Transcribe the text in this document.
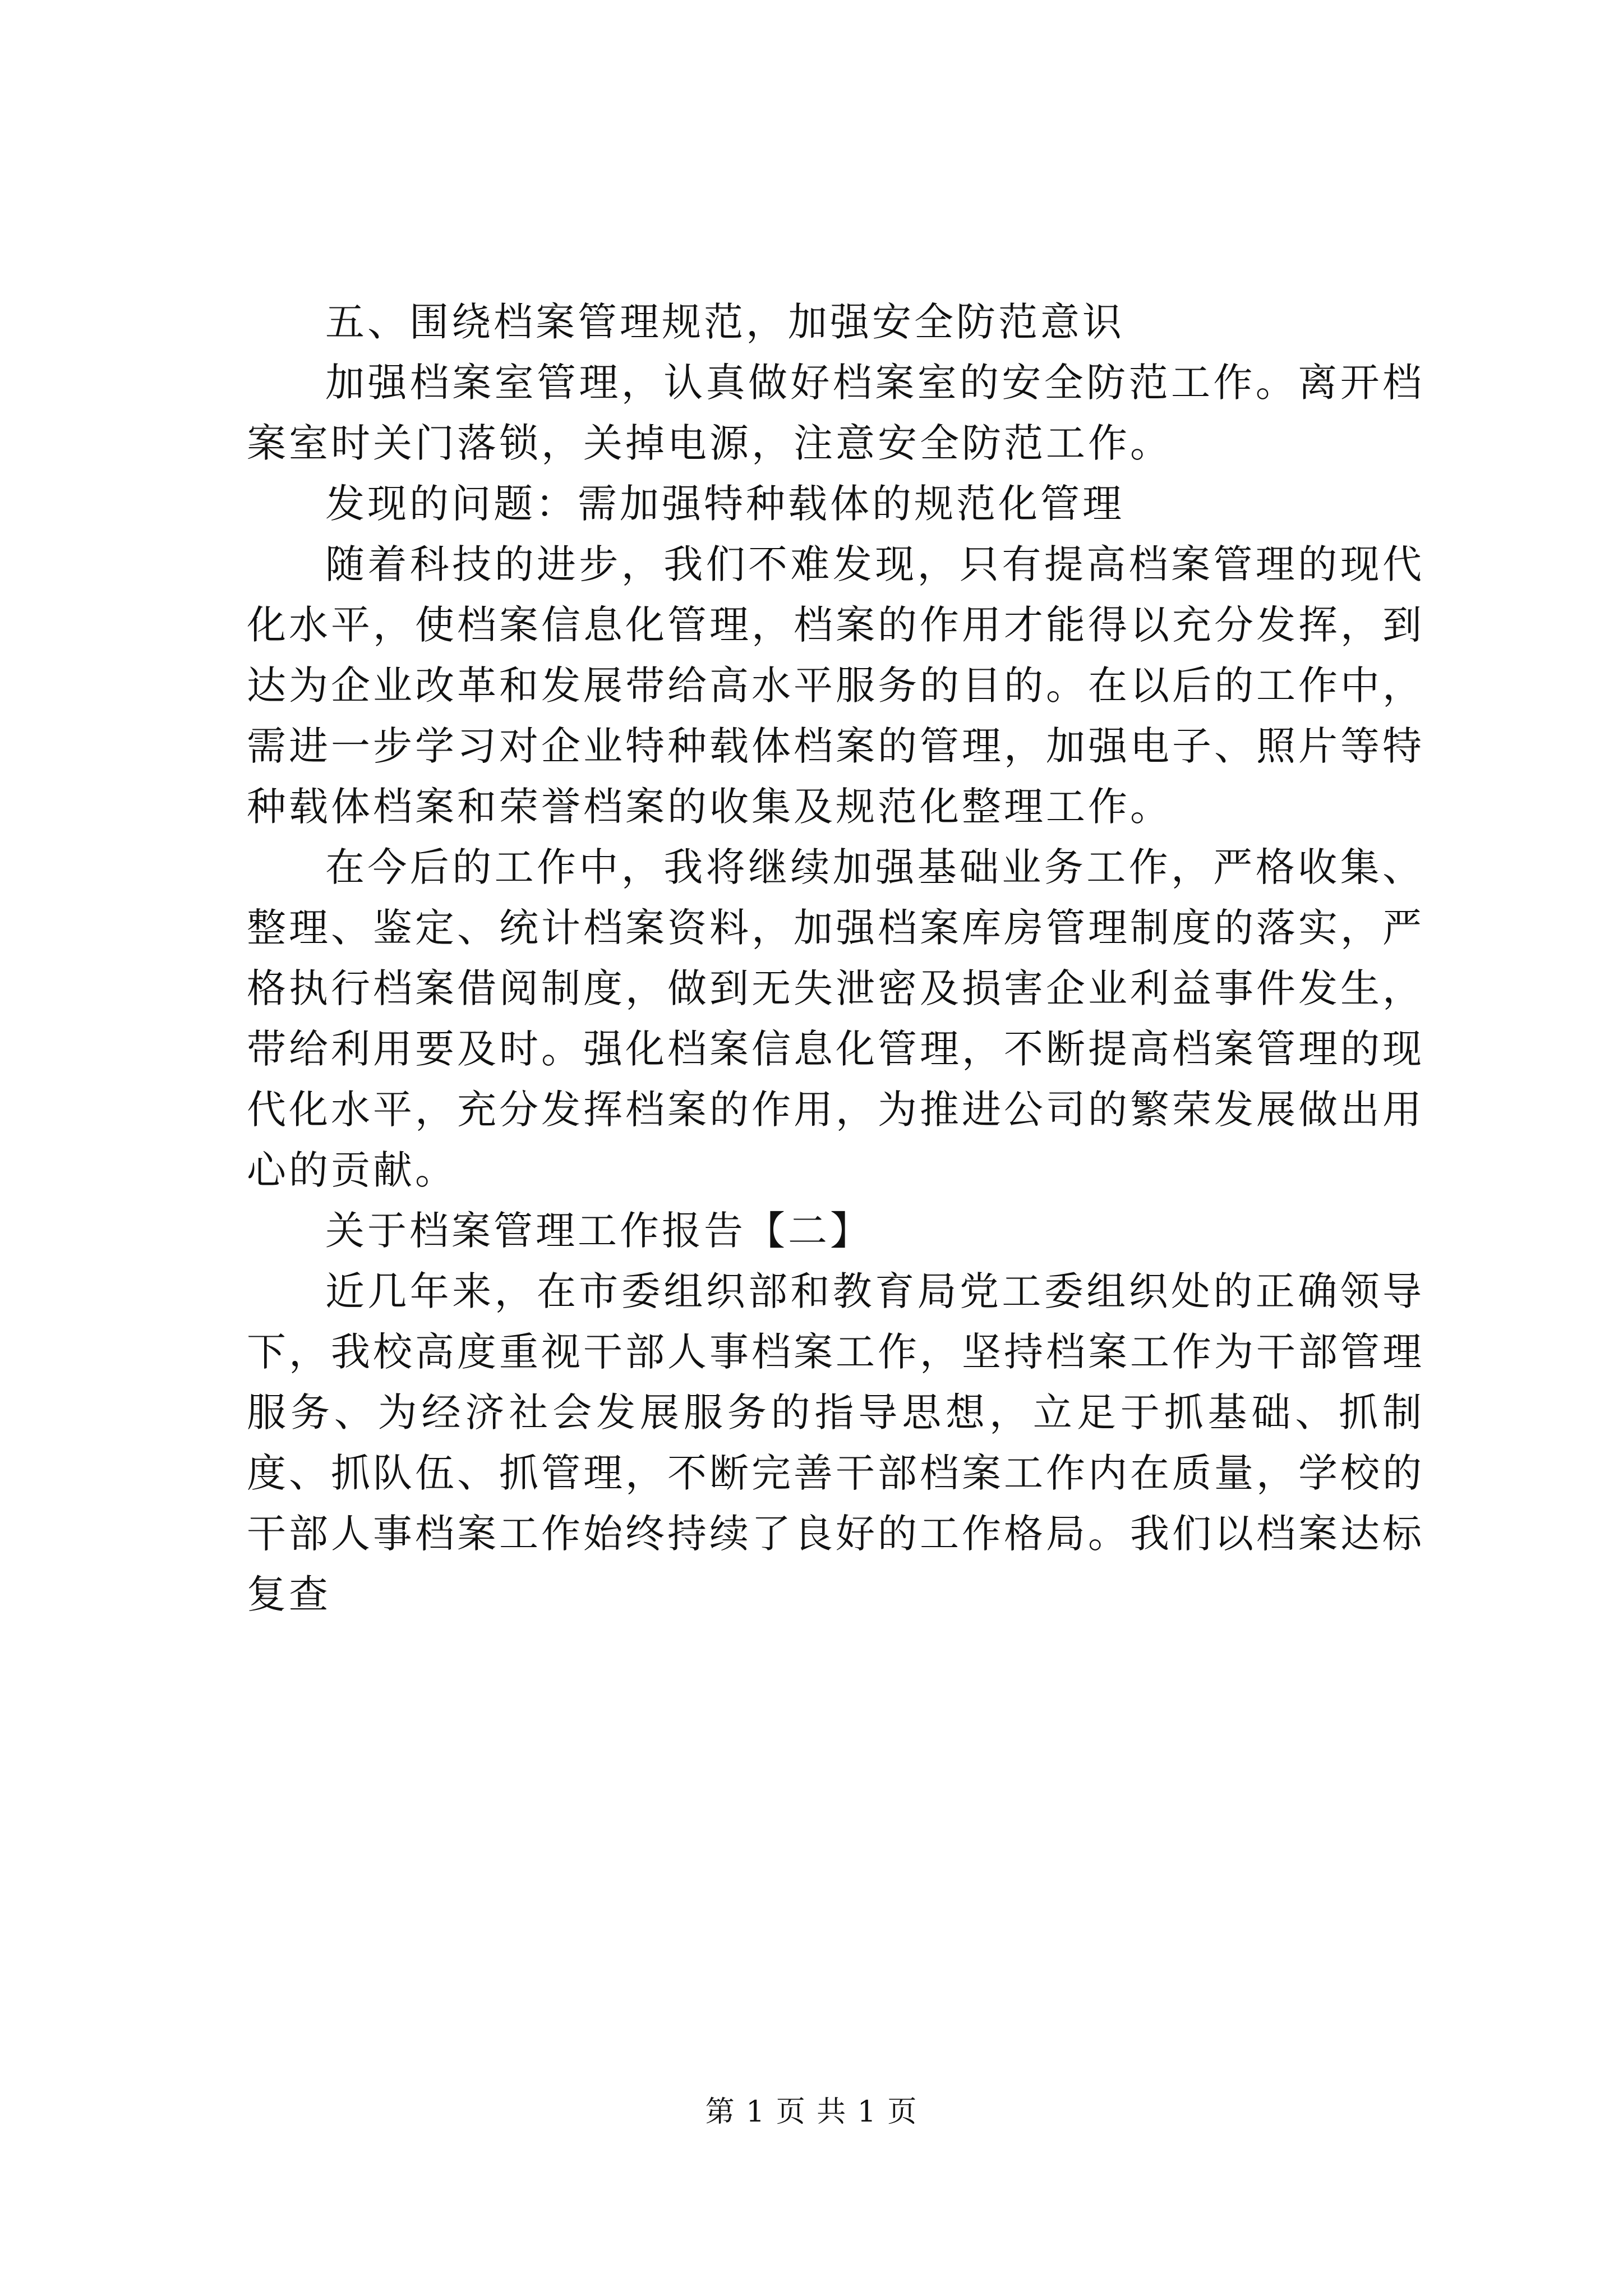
五、围绕档案管理规范，加强安全防范意识

加强档案室管理，认真做好档案室的安全防范工作。离开档案室时关门落锁，关掉电源，注意安全防范工作。

发现的问题：需加强特种载体的规范化管理

随着科技的进步，我们不难发现，只有提高档案管理的现代化水平，使档案信息化管理，档案的作用才能得以充分发挥，到达为企业改革和发展带给高水平服务的目的。在以后的工作中，需进一步学习对企业特种载体档案的管理，加强电子、照片等特种载体档案和荣誉档案的收集及规范化整理工作。

在今后的工作中，我将继续加强基础业务工作，严格收集、整理、鉴定、统计档案资料，加强档案库房管理制度的落实，严格执行档案借阅制度，做到无失泄密及损害企业利益事件发生，带给利用要及时。强化档案信息化管理，不断提高档案管理的现代化水平，充分发挥档案的作用，为推进公司的繁荣发展做出用心的贡献。

关于档案管理工作报告【二】

近几年来，在市委组织部和教育局党工委组织处的正确领导下，我校高度重视干部人事档案工作，坚持档案工作为干部管理服务、为经济社会发展服务的指导思想，立足于抓基础、抓制度、抓队伍、抓管理，不断完善干部档案工作内在质量，学校的干部人事档案工作始终持续了良好的工作格局。我们以档案达标复查

第 1 页 共 1 页
